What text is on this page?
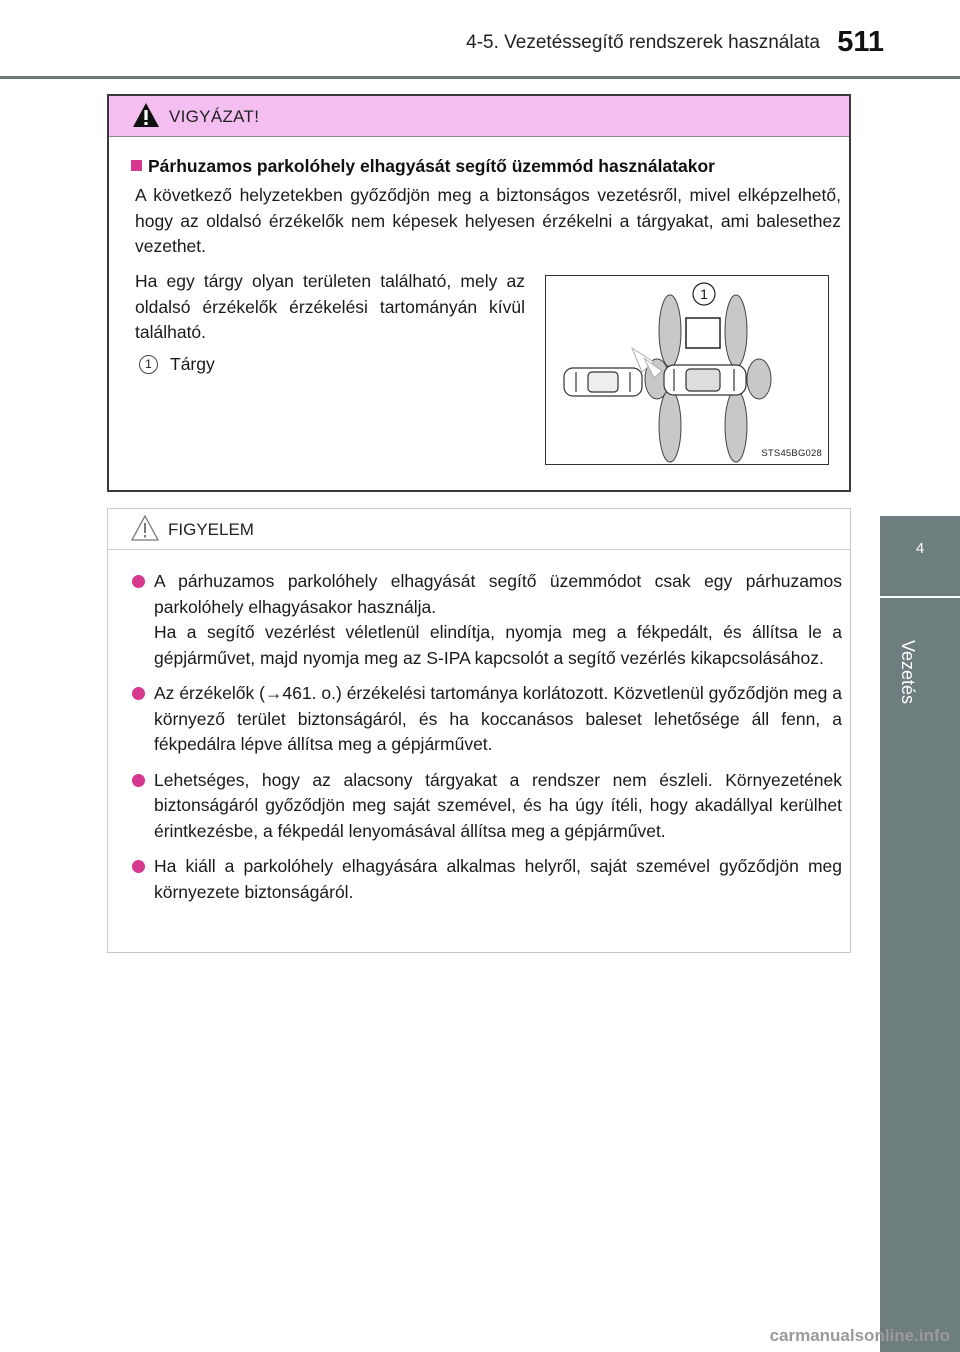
4-5. Vezetéssegítő rendszerek használata 511
4
Vezetés
VIGYÁZAT!
Párhuzamos parkolóhely elhagyását segítő üzemmód használatakor
A következő helyzetekben győződjön meg a biztonságos vezetésről, mivel elképzelhető, hogy az oldalsó érzékelők nem képesek helyesen érzékelni a tárgyakat, ami balesethez vezethet.
Ha egy tárgy olyan területen található, mely az oldalsó érzékelők érzékelési tartományán kívül található.
1 Tárgy
1
STS45BG028
FIGYELEM
A párhuzamos parkolóhely elhagyását segítő üzemmódot csak egy párhuzamos parkolóhely elhagyásakor használja.
Ha a segítő vezérlést véletlenül elindítja, nyomja meg a fékpedált, és állítsa le a gépjárművet, majd nyomja meg az S-IPA kapcsolót a segítő vezérlés kikapcsolásához.
Az érzékelők (→461. o.) érzékelési tartománya korlátozott. Közvetlenül győződjön meg a környező terület biztonságáról, és ha koccanásos baleset lehetősége áll fenn, a fékpedálra lépve állítsa meg a gépjárművet.
Lehetséges, hogy az alacsony tárgyakat a rendszer nem észleli. Környezetének biztonságáról győződjön meg saját szemével, és ha úgy ítéli, hogy akadállyal kerülhet érintkezésbe, a fékpedál lenyomásával állítsa meg a gépjárművet.
Ha kiáll a parkolóhely elhagyására alkalmas helyről, saját szemével győződjön meg környezete biztonságáról.
carmanualsonline.info
